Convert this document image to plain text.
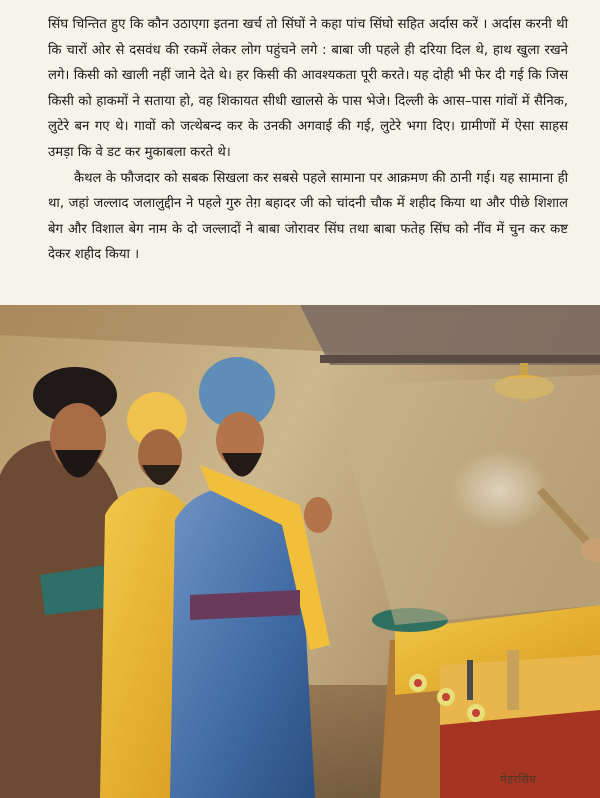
सिंघ चिन्तित हुए कि कौन उठाएगा इतना खर्च तो सिंघों ने कहा पांच सिंघो सहित अर्दास करें । अर्दास करनी थी कि चारों ओर से दसवंध की रकमें लेकर लोग पहुंचने लगे : बाबा जी पहले ही दरिया दिल थे, हाथ खुला रखने लगे। किसी को खाली नहीं जाने देते थे। हर किसी की आवश्यकता पूरी करते। यह दोही भी फेर दी गई कि जिस किसी को हाकमों ने सताया हो, वह शिकायत सीधी खालसे के पास भेजे। दिल्ली के आस–पास गांवों में सैनिक, लुटेरे बन गए थे। गावों को जत्थेबन्द कर के उनकी अगवाई की गई, लुटेरे भगा दिए। ग्रामीणों में ऐसा साहस उमड़ा कि वे डट कर मुकाबला करते थे।

कैथल के फौजदार को सबक सिखला कर सबसे पहले सामाना पर आक्रमण की ठानी गई। यह सामाना ही था, जहां जल्लाद जलालुद्दीन ने पहले गुरु तेग़ बहादर जी को चांदनी चौक में शहीद किया था और पीछे शिशाल बेग और विशाल बेग नाम के दो जल्लादों ने बाबा जोरावर सिंघ तथा बाबा फतेह सिंघ को नींव में चुन कर कष्ट देकर शहीद किया ।

मेहरसिंघ
